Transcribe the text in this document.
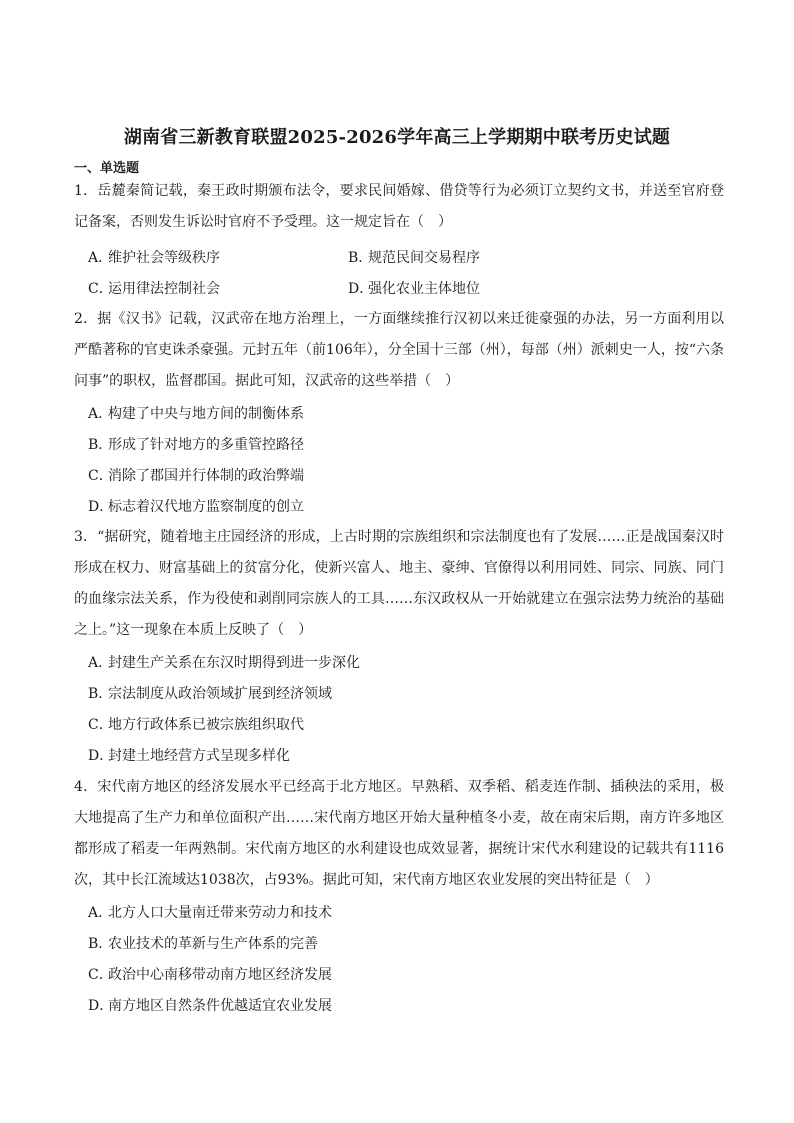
湖南省三新教育联盟2025-2026学年高三上学期期中联考历史试题
一、单选题
1．岳麓秦简记载，秦王政时期颁布法令，要求民间婚嫁、借贷等行为必须订立契约文书，并送至官府登记备案，否则发生诉讼时官府不予受理。这一规定旨在（　）
A．维护社会等级秩序	B．规范民间交易程序
C．运用律法控制社会	D．强化农业主体地位
2．据《汉书》记载，汉武帝在地方治理上，一方面继续推行汉初以来迁徙豪强的办法，另一方面利用以严酷著称的官吏诛杀豪强。元封五年（前106年），分全国十三部（州），每部（州）派刺史一人，按“六条问事”的职权，监督郡国。据此可知，汉武帝的这些举措（　）
A．构建了中央与地方间的制衡体系
B．形成了针对地方的多重管控路径
C．消除了郡国并行体制的政治弊端
D．标志着汉代地方监察制度的创立
3．“据研究，随着地主庄园经济的形成，上古时期的宗族组织和宗法制度也有了发展……正是战国秦汉时形成在权力、财富基础上的贫富分化，使新兴富人、地主、豪绅、官僚得以利用同姓、同宗、同族、同门的血缘宗法关系，作为役使和剥削同宗族人的工具……东汉政权从一开始就建立在强宗法势力统治的基础之上。”这一现象在本质上反映了（　）
A．封建生产关系在东汉时期得到进一步深化
B．宗法制度从政治领域扩展到经济领域
C．地方行政体系已被宗族组织取代
D．封建土地经营方式呈现多样化
4．宋代南方地区的经济发展水平已经高于北方地区。早熟稻、双季稻、稻麦连作制、插秧法的采用，极大地提高了生产力和单位面积产出……宋代南方地区开始大量种植冬小麦，故在南宋后期，南方许多地区都形成了稻麦一年两熟制。宋代南方地区的水利建设也成效显著，据统计宋代水利建设的记载共有1116次，其中长江流域达1038次，占93%。据此可知，宋代南方地区农业发展的突出特征是（　）
A．北方人口大量南迁带来劳动力和技术
B．农业技术的革新与生产体系的完善
C．政治中心南移带动南方地区经济发展
D．南方地区自然条件优越适宜农业发展
